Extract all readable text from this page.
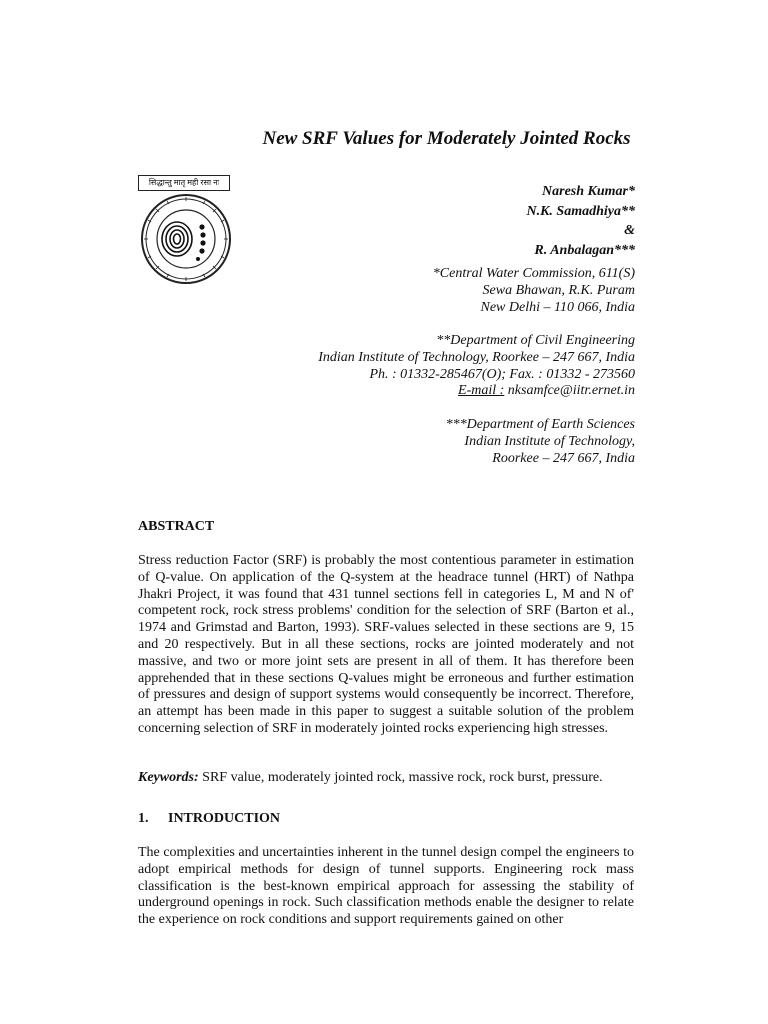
New SRF Values for Moderately Jointed Rocks
सिद्धान्तु मातृ मही रसा नः
Naresh Kumar*
N.K. Samadhiya**
&
R. Anbalagan***
*Central Water Commission, 611(S)
Sewa Bhawan, R.K. Puram
New Delhi – 110 066, India
**Department of Civil Engineering
Indian Institute of Technology, Roorkee – 247 667, India
Ph. : 01332-285467(O); Fax. : 01332 - 273560
E-mail : nksamfce@iitr.ernet.in
***Department of Earth Sciences
Indian Institute of Technology,
Roorkee – 247 667, India
ABSTRACT

Stress reduction Factor (SRF) is probably the most contentious parameter in estimation of Q-value. On application of the Q-system at the headrace tunnel (HRT) of Nathpa Jhakri Project, it was found that 431 tunnel sections fell in categories L, M and N of' competent rock, rock stress problems' condition for the selection of SRF (Barton et al., 1974 and Grimstad and Barton, 1993). SRF-values selected in these sections are 9, 15 and 20 respectively. But in all these sections, rocks are jointed moderately and not massive, and two or more joint sets are present in all of them. It has therefore been apprehended that in these sections Q-values might be erroneous and further estimation of pressures and design of support systems would consequently be incorrect. Therefore, an attempt has been made in this paper to suggest a suitable solution of the problem concerning selection of SRF in moderately jointed rocks experiencing high stresses.

Keywords: SRF value, moderately jointed rock, massive rock, rock burst, pressure.

1. INTRODUCTION

The complexities and uncertainties inherent in the tunnel design compel the engineers to adopt empirical methods for design of tunnel supports. Engineering rock mass classification is the best-known empirical approach for assessing the stability of underground openings in rock. Such classification methods enable the designer to relate the experience on rock conditions and support requirements gained on other
